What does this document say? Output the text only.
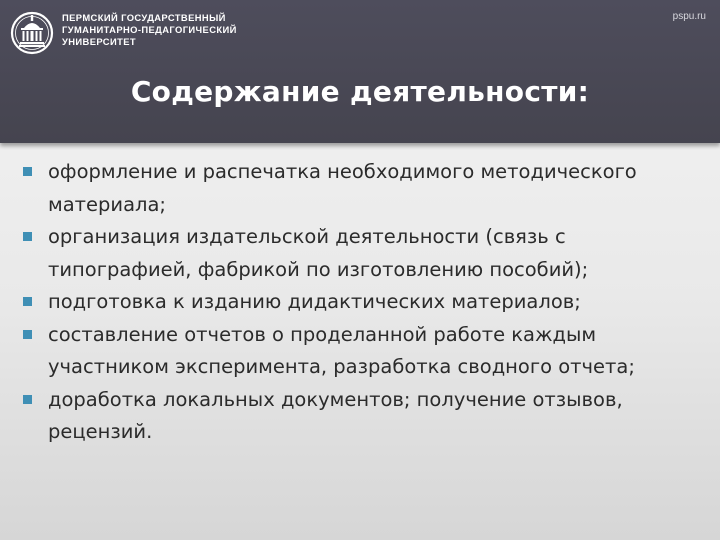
ПЕРМСКИЙ ГОСУДАРСТВЕННЫЙ
ГУМАНИТАРНО-ПЕДАГОГИЧЕСКИЙ
УНИВЕРСИТЕТ
pspu.ru
Содержание деятельности:
оформление и распечатка необходимого методического материала;
организация издательской деятельности (связь с типографией, фабрикой по изготовлению пособий);
подготовка к изданию дидактических материалов;
составление отчетов о проделанной работе каждым участником эксперимента, разработка сводного отчета;
доработка локальных документов; получение отзывов, рецензий.
